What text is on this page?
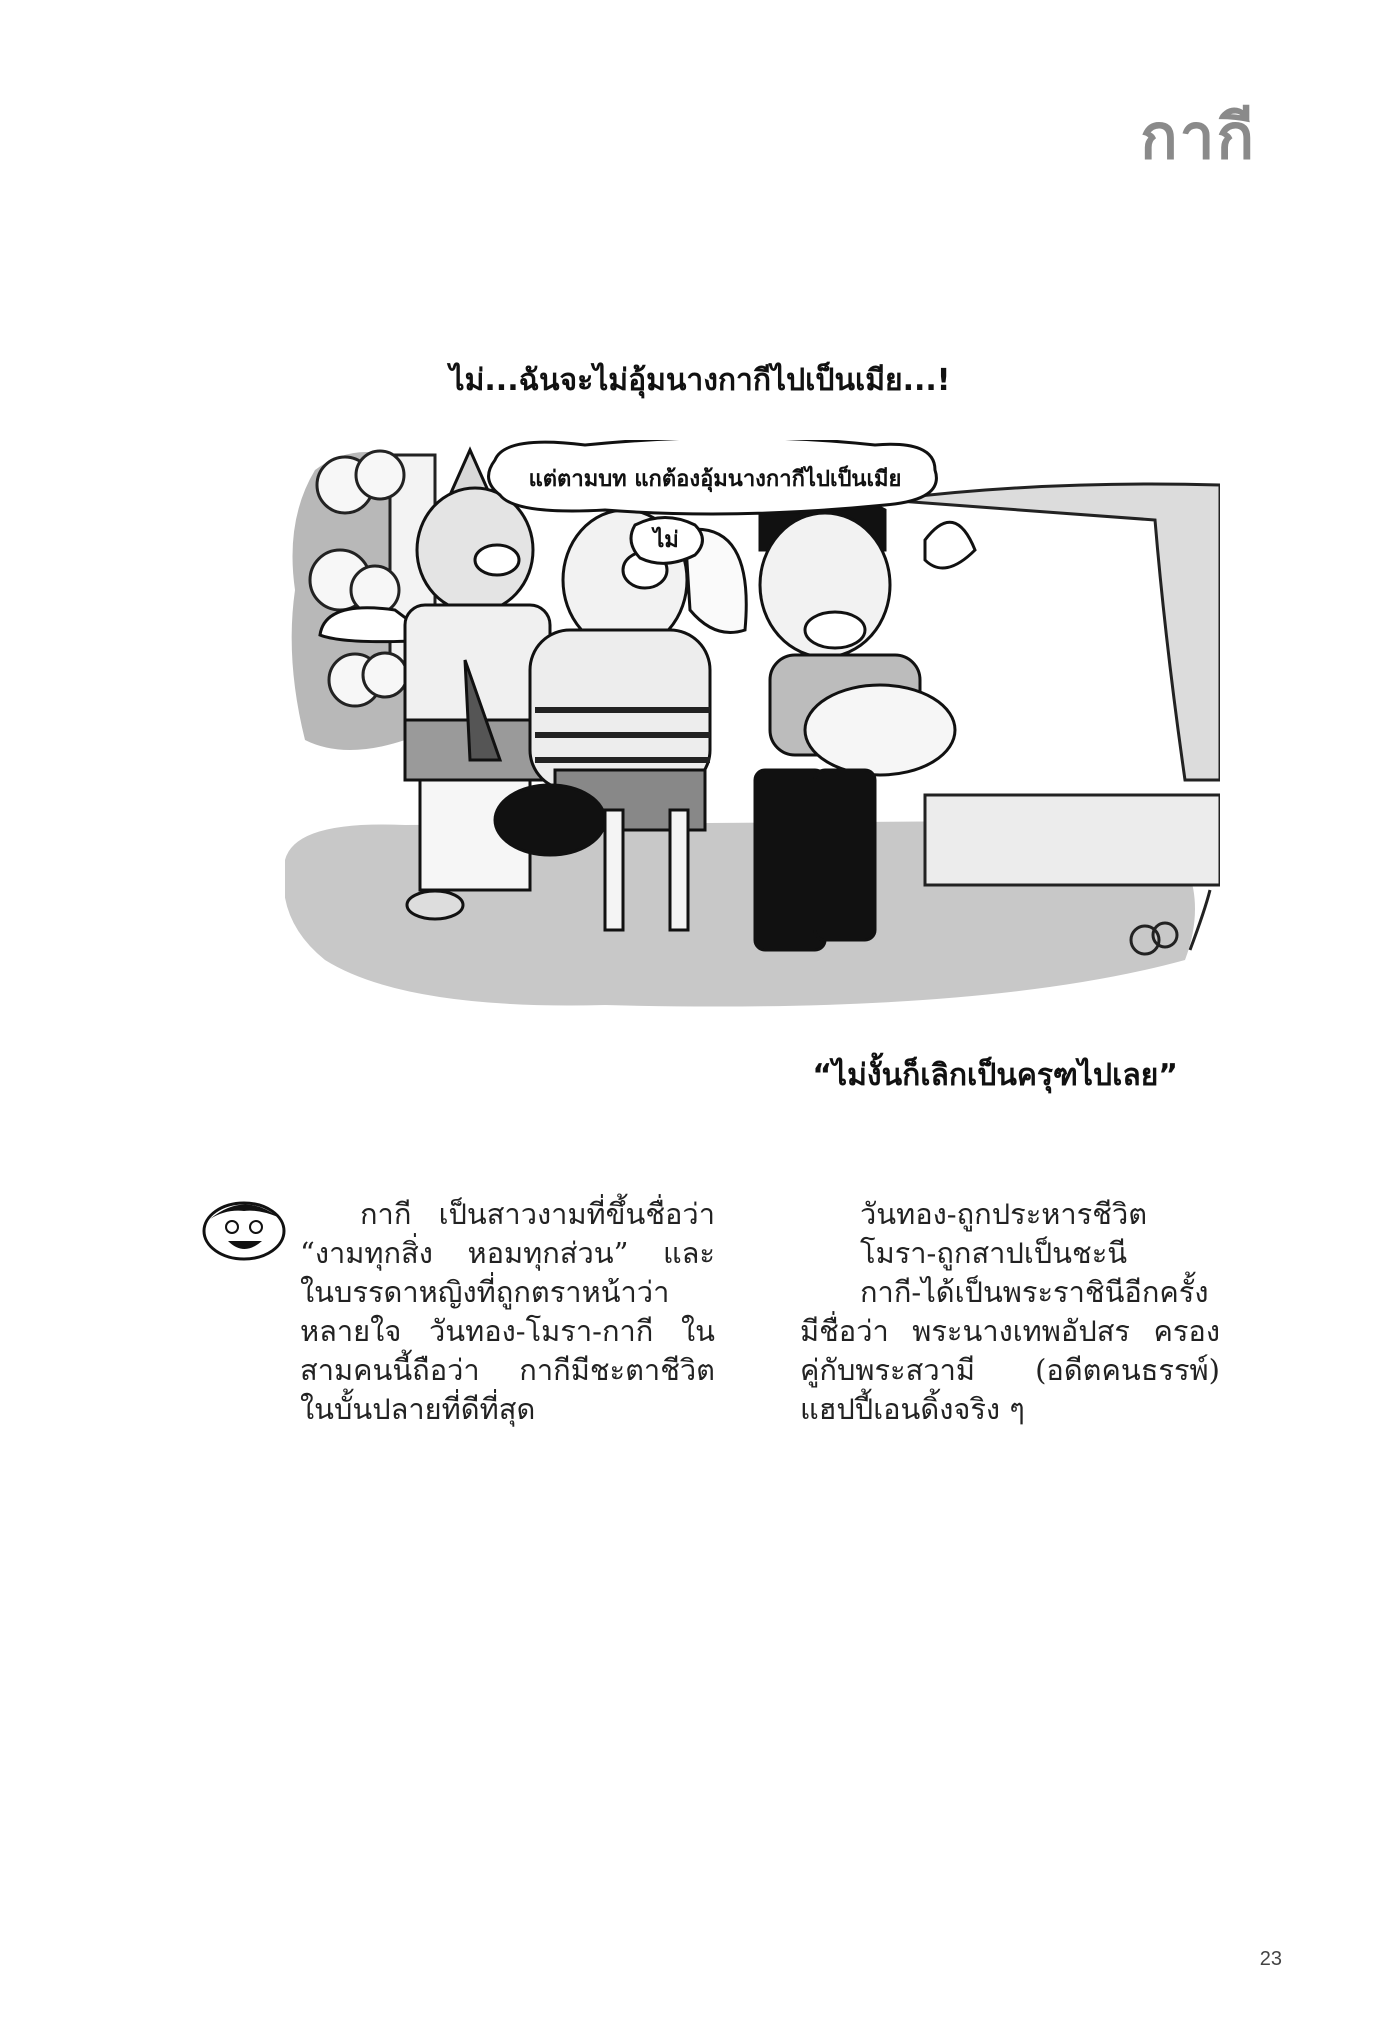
กากี
ไม่...ฉันจะไม่อุ้มนางกากีไปเป็นเมีย...!
แต่ตามบท แกต้องอุ้มนางกากีไปเป็นเมีย
ไม่
“ไม่งั้นก็เลิกเป็นครุฑไปเลย”

กากี เป็นสาวงามที่ขึ้นชื่อว่า

“งามทุกสิ่ง หอมทุกส่วน” และ

ในบรรดาหญิงที่ถูกตราหน้าว่า

หลายใจ วันทอง-โมรา-กากี ใน

สามคนนี้ถือว่า กากีมีชะตาชีวิต

ในบั้นปลายที่ดีที่สุด

วันทอง-ถูกประหารชีวิต

โมรา-ถูกสาปเป็นชะนี

กากี-ได้เป็นพระราชินีอีกครั้ง

มีชื่อว่า พระนางเทพอัปสร ครอง

คู่กับพระสวามี (อดีตคนธรรพ์)

แฮปปี้เอนดิ้งจริง ๆ

23
